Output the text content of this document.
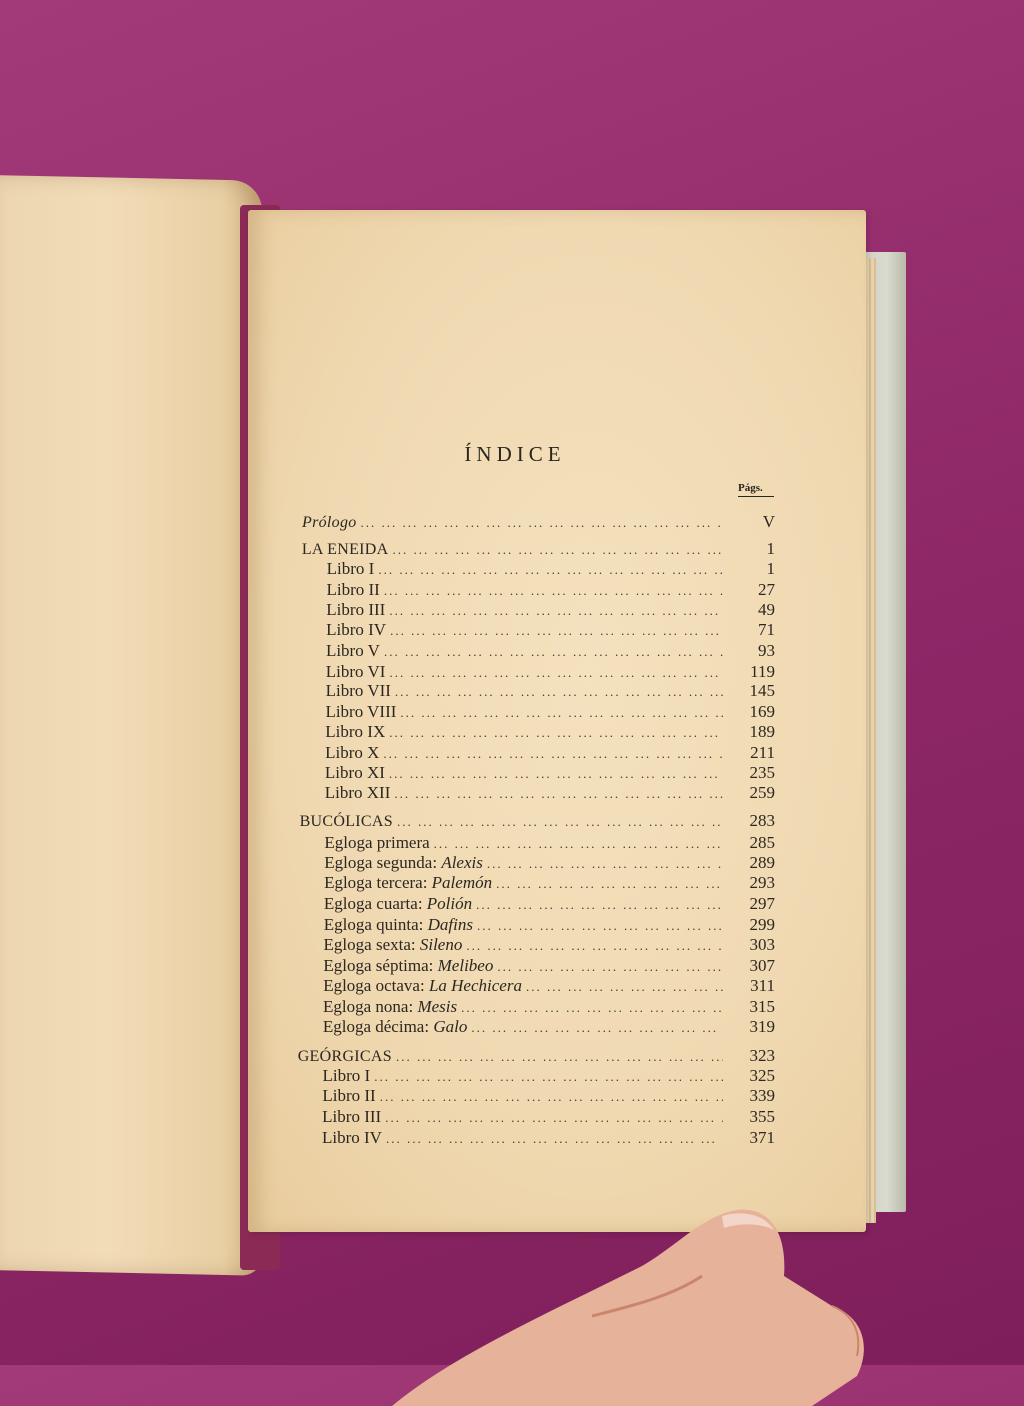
ÍNDICE
Págs.
Prólogo ... .	V
LA ENEIDA ... .	1
Libro I ... .	1
Libro II ... .	27
Libro III ... .	49
Libro IV ... .	71
Libro V ... .	93
Libro VI ... .	119
Libro VII ... .	145
Libro VIII ... .	169
Libro IX ... .	189
Libro X ... .	211
Libro XI ... .	235
Libro XII ... .	259
BUCÓLICAS ... .	283
Egloga primera ... .	285
Egloga segunda: Alexis ... .	289
Egloga tercera: Palemón ... .	293
Egloga cuarta: Polión ... .	297
Egloga quinta: Dafins ... .	299
Egloga sexta: Sileno ... .	303
Egloga séptima: Melibeo ... .	307
Egloga octava: La Hechicera ... .	311
Egloga nona: Mesis ... .	315
Egloga décima: Galo ... .	319
GEÓRGICAS ... .	323
Libro I ... .	325
Libro II ... .	339
Libro III ... .	355
Libro IV ... .	371
